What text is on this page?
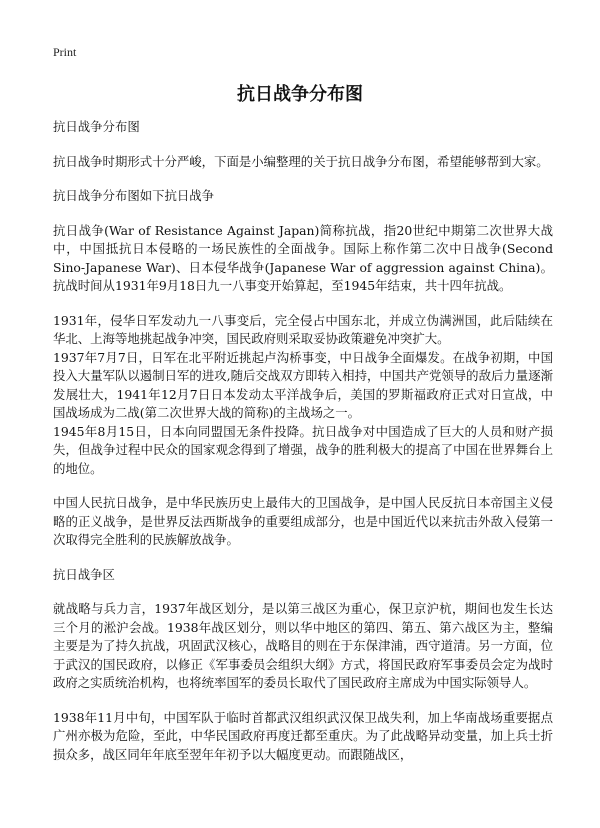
Print
抗日战争分布图

抗日战争分布图

抗日战争时期形式十分严峻，下面是小编整理的关于抗日战争分布图，希望能够帮到大家。

抗日战争分布图如下抗日战争

抗日战争(War of Resistance Against Japan)简称抗战，指20世纪中期第二次世界大战中，中国抵抗日本侵略的一场民族性的全面战争。国际上称作第二次中日战争(Second Sino-Japanese War)、日本侵华战争(Japanese War of aggression against China)。抗战时间从1931年9月18日九一八事变开始算起，至1945年结束，共十四年抗战。

1931年，侵华日军发动九一八事变后，完全侵占中国东北，并成立伪满洲国，此后陆续在华北、上海等地挑起战争冲突，国民政府则采取妥协政策避免冲突扩大。

1937年7月7日，日军在北平附近挑起卢沟桥事变，中日战争全面爆发。在战争初期，中国投入大量军队以遏制日军的进攻,随后交战双方即转入相持，中国共产党领导的敌后力量逐渐发展壮大，1941年12月7日日本发动太平洋战争后，美国的罗斯福政府正式对日宣战，中国战场成为二战(第二次世界大战的简称)的主战场之一。

1945年8月15日，日本向同盟国无条件投降。抗日战争对中国造成了巨大的人员和财产损失，但战争过程中民众的国家观念得到了增强，战争的胜利极大的提高了中国在世界舞台上的地位。

中国人民抗日战争，是中华民族历史上最伟大的卫国战争，是中国人民反抗日本帝国主义侵略的正义战争，是世界反法西斯战争的重要组成部分，也是中国近代以来抗击外敌入侵第一次取得完全胜利的民族解放战争。

抗日战争区

就战略与兵力言，1937年战区划分，是以第三战区为重心，保卫京沪杭，期间也发生长达三个月的淞沪会战。1938年战区划分，则以华中地区的第四、第五、第六战区为主，整编主要是为了持久抗战，巩固武汉核心，战略目的则在于东保津浦，西守道清。另一方面，位于武汉的国民政府，以修正《军事委员会组织大纲》方式，将国民政府军事委员会定为战时政府之实质统治机构，也将统率国军的委员长取代了国民政府主席成为中国实际领导人。

1938年11月中旬，中国军队于临时首都武汉组织武汉保卫战失利，加上华南战场重要据点广州亦极为危险，至此，中华民国政府再度迁都至重庆。为了此战略异动变量，加上兵士折损众多，战区同年年底至翌年年初予以大幅度更动。而跟随战区，
